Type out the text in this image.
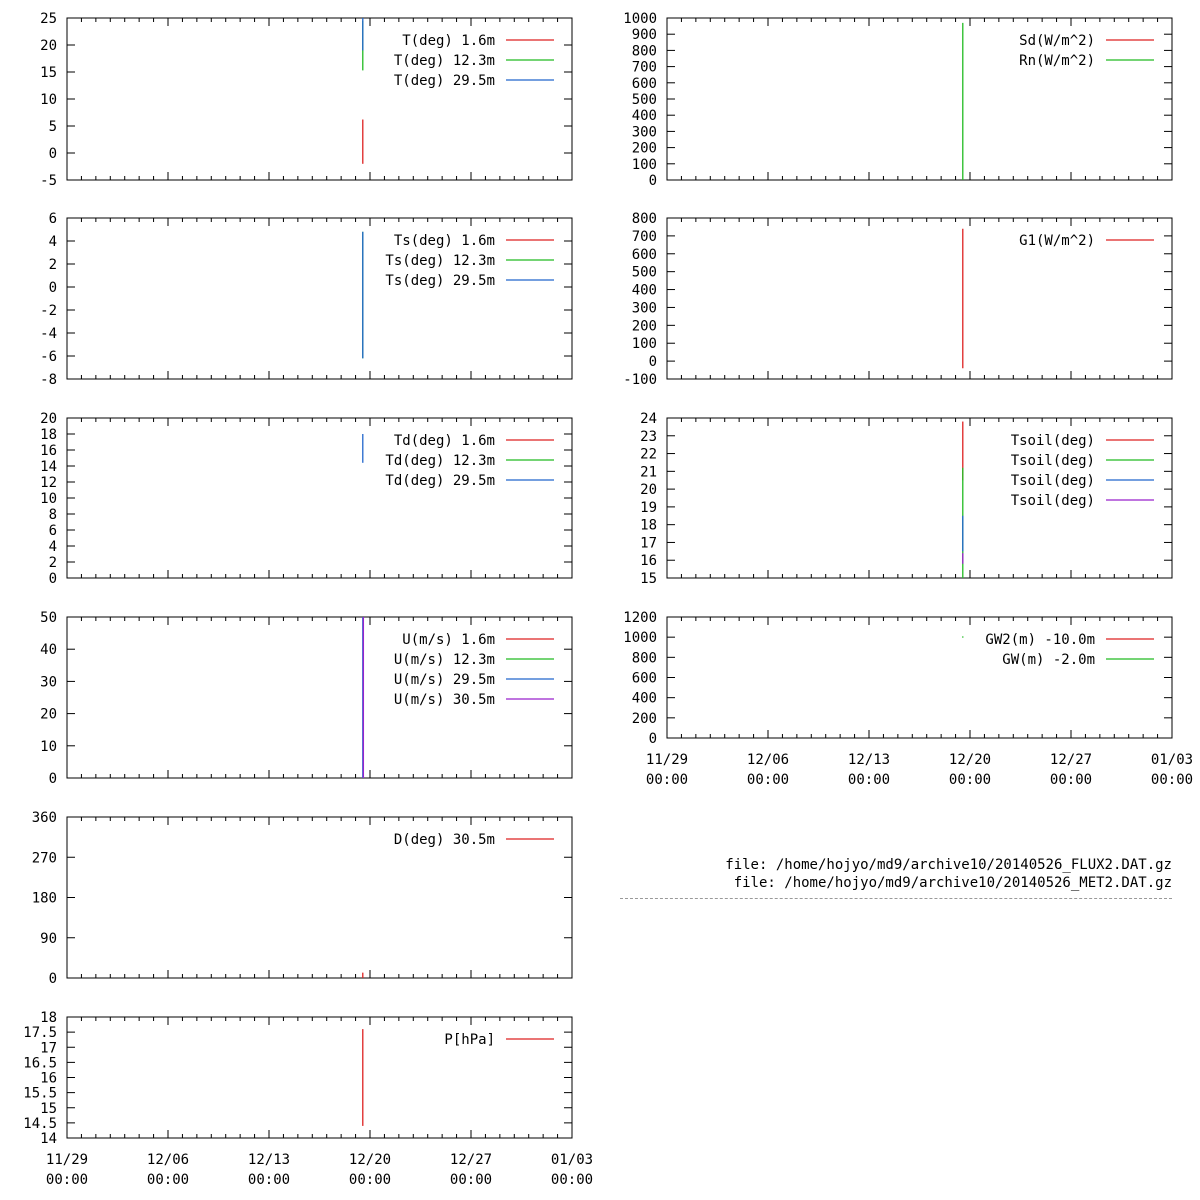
25
20
15
10
5
0
-5
T(deg) 1.6m
T(deg) 12.3m
T(deg) 29.5m
6
4
2
0
-2
-4
-6
-8
Ts(deg) 1.6m
Ts(deg) 12.3m
Ts(deg) 29.5m
20
18
16
14
12
10
8
6
4
2
0
Td(deg) 1.6m
Td(deg) 12.3m
Td(deg) 29.5m
50
40
30
20
10
0
U(m/s) 1.6m
U(m/s) 12.3m
U(m/s) 29.5m
U(m/s) 30.5m
360
270
180
90
0
D(deg) 30.5m
18
17.5
17
16.5
16
15.5
15
14.5
14
11/29
00:00
12/06
00:00
12/13
00:00
12/20
00:00
12/27
00:00
01/03
00:00
P[hPa]
1000
900
800
700
600
500
400
300
200
100
0
Sd(W/m^2)
Rn(W/m^2)
800
700
600
500
400
300
200
100
0
-100
G1(W/m^2)
24
23
22
21
20
19
18
17
16
15
Tsoil(deg)
Tsoil(deg)
Tsoil(deg)
Tsoil(deg)
1200
1000
800
600
400
200
0
11/29
00:00
12/06
00:00
12/13
00:00
12/20
00:00
12/27
00:00
01/03
00:00
GW2(m) -10.0m
GW(m) -2.0m
file: /home/hojyo/md9/archive10/20140526_FLUX2.DAT.gz
file: /home/hojyo/md9/archive10/20140526_MET2.DAT.gz
